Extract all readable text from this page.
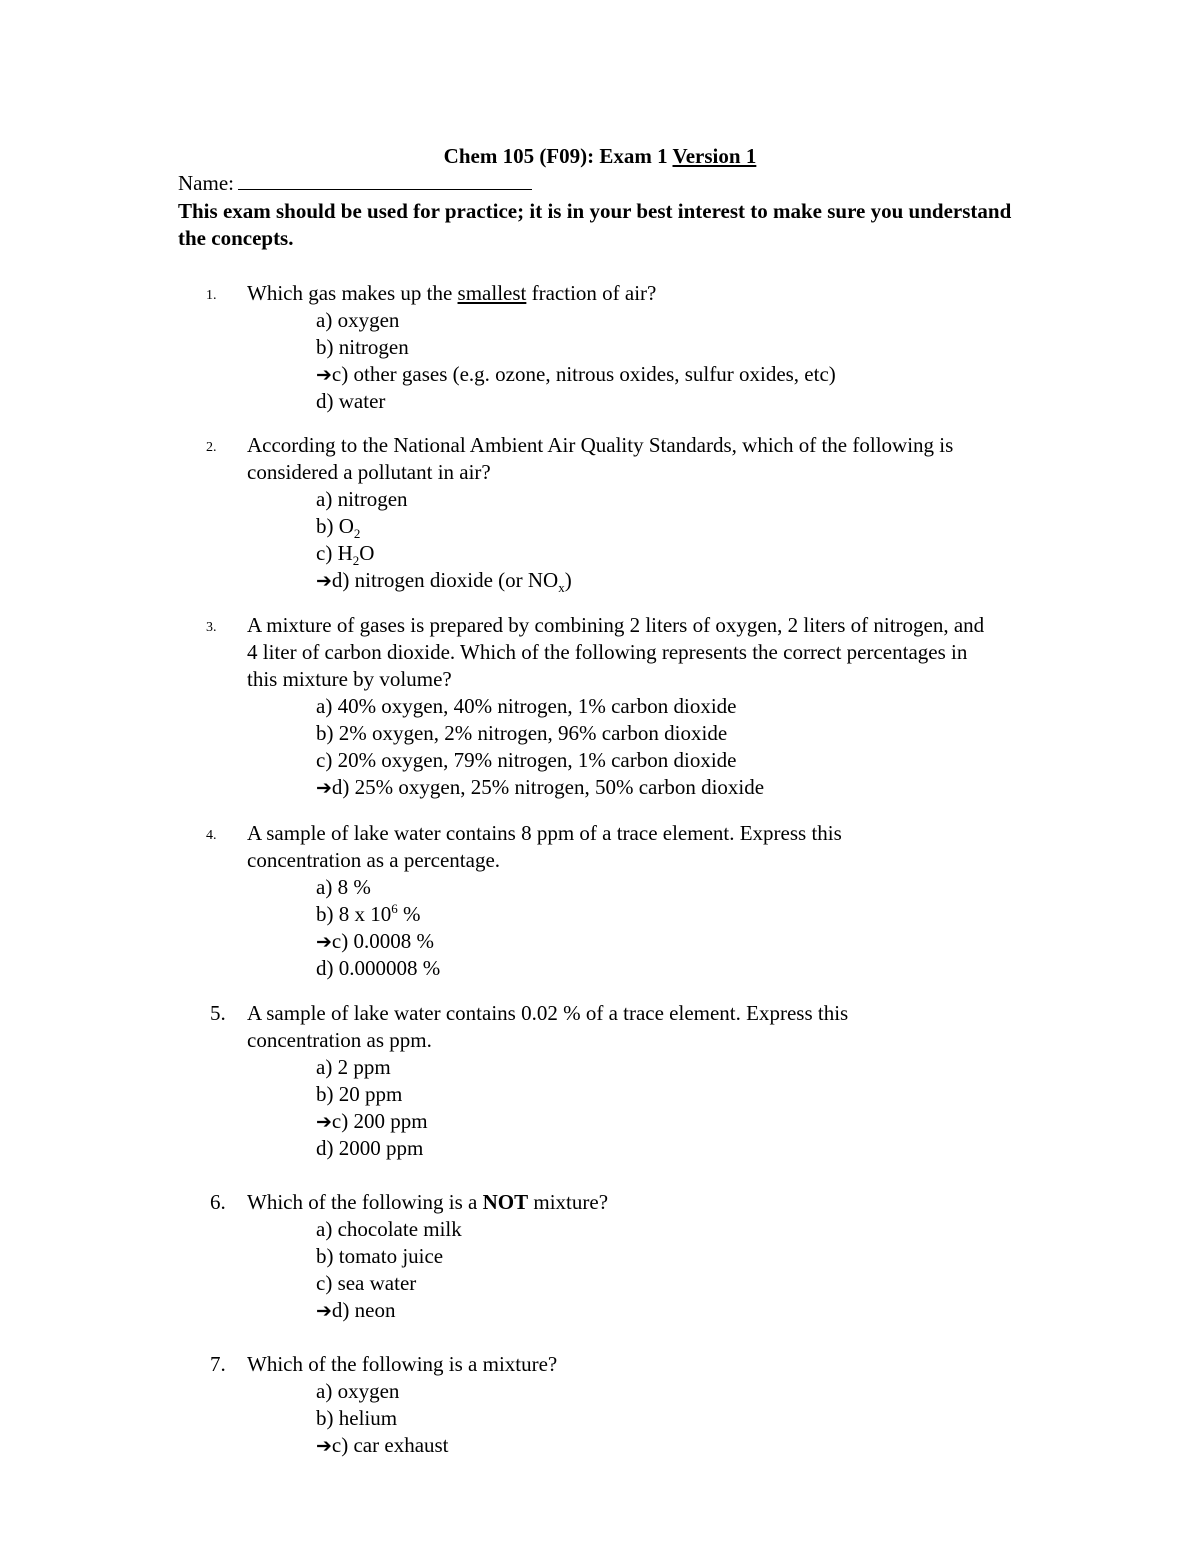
Chem 105 (F09): Exam 1 Version 1
Name:
This exam should be used for practice; it is in your best interest to make sure you understand the concepts.
1.	Which gas makes up the smallest fraction of air?
a) oxygen
b) nitrogen
➔c) other gases (e.g. ozone, nitrous oxides, sulfur oxides, etc)
d) water
2.	According to the National Ambient Air Quality Standards, which of the following is considered a pollutant in air?
a) nitrogen
b) $O_2$
c) $H_2O$
➔d) nitrogen dioxide (or $NO_x$)
3.	A mixture of gases is prepared by combining 2 liters of oxygen, 2 liters of nitrogen, and 4 liter of carbon dioxide. Which of the following represents the correct percentages in this mixture by volume?
a) 40% oxygen, 40% nitrogen, 1% carbon dioxide
b) 2% oxygen, 2% nitrogen, 96% carbon dioxide
c) 20% oxygen, 79% nitrogen, 1% carbon dioxide
➔d) 25% oxygen, 25% nitrogen, 50% carbon dioxide
4.	A sample of lake water contains 8 ppm of a trace element. Express this concentration as a percentage.
a) 8 %
b) 8 x $10^6$ %
➔c) 0.0008 %
d) 0.000008 %
5.	A sample of lake water contains 0.02 % of a trace element. Express this concentration as ppm.
a) 2 ppm
b) 20 ppm
➔c) 200 ppm
d) 2000 ppm
6.	Which of the following is a NOT mixture?
a) chocolate milk
b) tomato juice
c) sea water
➔d) neon
7.	Which of the following is a mixture?
a) oxygen
b) helium
➔c) car exhaust
